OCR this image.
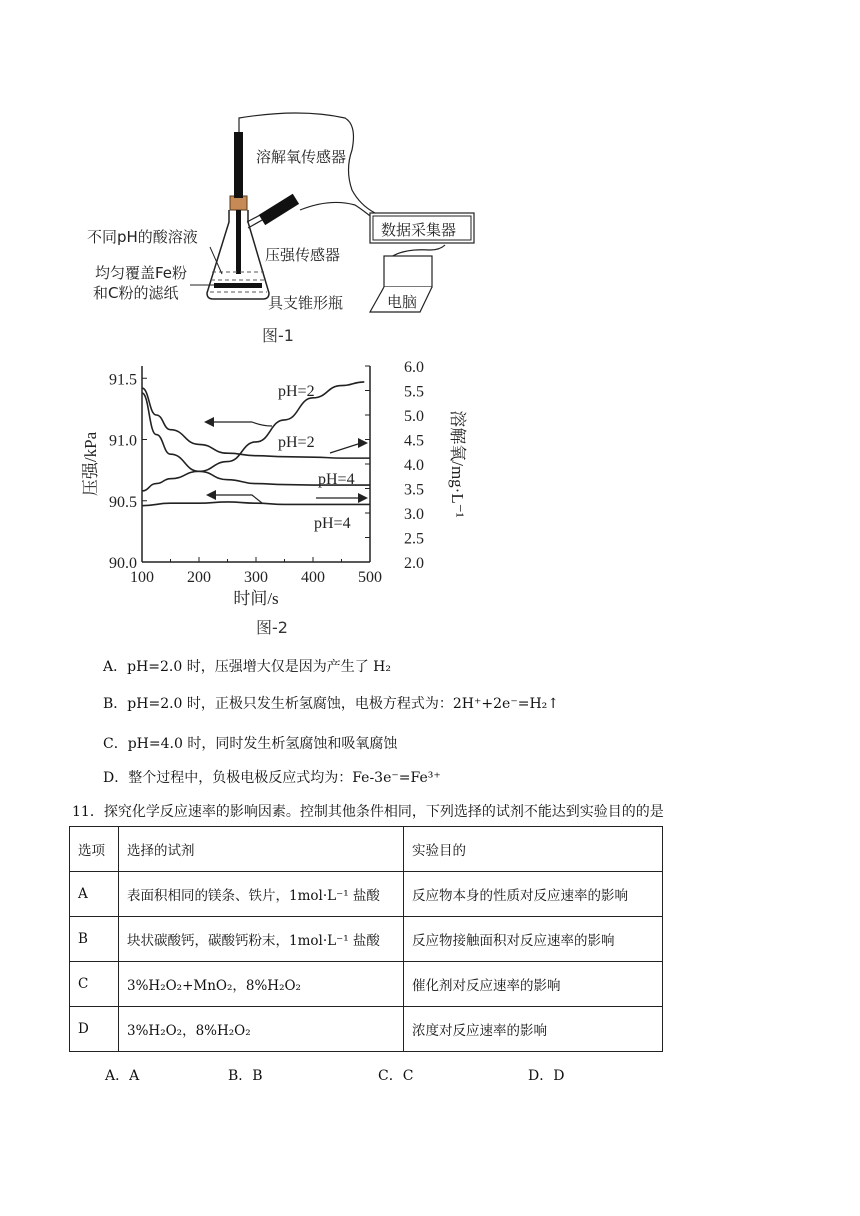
溶解氧传感器
不同pH的酸溶液
均匀覆盖Fe粉
和C粉的滤纸
压强传感器
具支锥形瓶
数据采集器
电脑
图-1
100 200 300 400 500
90.0
90.5
91.0
91.5
2.0
2.5
3.0
3.5
4.0
4.5
5.0
5.5
6.0
时间/s
压强/kPa	溶解氧/mg·L⁻¹
pH=2
pH=2
pH=4
pH=4
图-2
A．pH=2.0 时，压强增大仅是因为产生了 H₂
B．pH=2.0 时，正极只发生析氢腐蚀，电极方程式为：2H⁺+2e⁻=H₂↑
C．pH=4.0 时，同时发生析氢腐蚀和吸氧腐蚀
D．整个过程中，负极电极反应式均为：Fe-3e⁻=Fe³⁺
11．探究化学反应速率的影响因素。控制其他条件相同，下列选择的试剂不能达到实验目的的是
选项	选择的试剂	实验目的
A	表面积相同的镁条、铁片，1mol·L⁻¹ 盐酸	反应物本身的性质对反应速率的影响
B	块状碳酸钙，碳酸钙粉末，1mol·L⁻¹ 盐酸	反应物接触面积对反应速率的影响
C	3%H₂O₂+MnO₂，8%H₂O₂	催化剂对反应速率的影响
D	3%H₂O₂，8%H₂O₂	浓度对反应速率的影响
A．A	B．B	C．C	D．D
